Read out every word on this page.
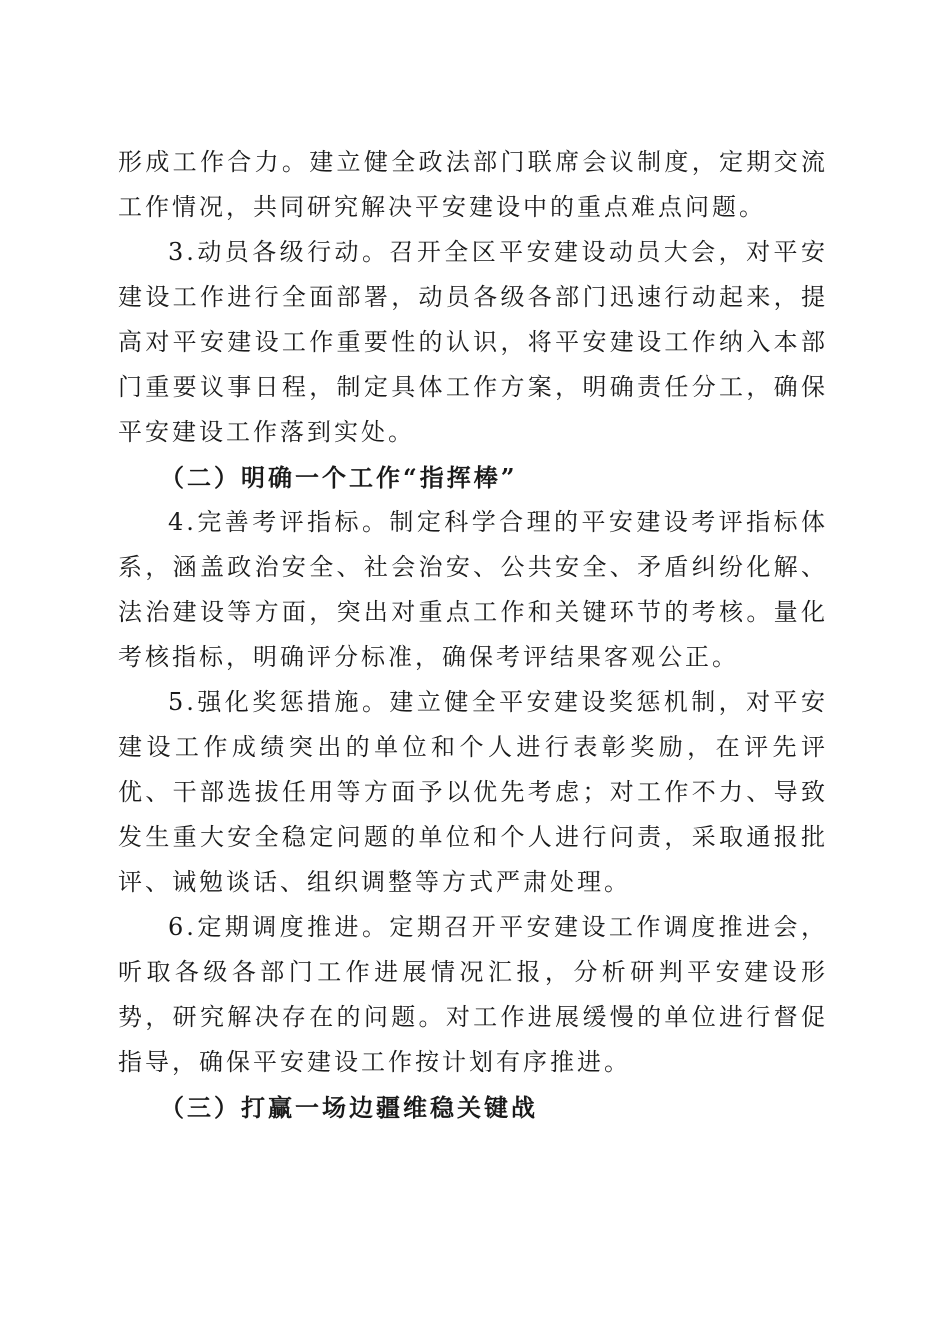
形成工作合力。建立健全政法部门联席会议制度，定期交流工作情况，共同研究解决平安建设中的重点难点问题。

3.动员各级行动。召开全区平安建设动员大会，对平安建设工作进行全面部署，动员各级各部门迅速行动起来，提高对平安建设工作重要性的认识，将平安建设工作纳入本部门重要议事日程，制定具体工作方案，明确责任分工，确保平安建设工作落到实处。

（二）明确一个工作“指挥棒”

4.完善考评指标。制定科学合理的平安建设考评指标体系，涵盖政治安全、社会治安、公共安全、矛盾纠纷化解、法治建设等方面，突出对重点工作和关键环节的考核。量化考核指标，明确评分标准，确保考评结果客观公正。

5.强化奖惩措施。建立健全平安建设奖惩机制，对平安建设工作成绩突出的单位和个人进行表彰奖励，在评先评优、干部选拔任用等方面予以优先考虑；对工作不力、导致发生重大安全稳定问题的单位和个人进行问责，采取通报批评、诫勉谈话、组织调整等方式严肃处理。

6.定期调度推进。定期召开平安建设工作调度推进会，听取各级各部门工作进展情况汇报，分析研判平安建设形势，研究解决存在的问题。对工作进展缓慢的单位进行督促指导，确保平安建设工作按计划有序推进。

（三）打赢一场边疆维稳关键战
